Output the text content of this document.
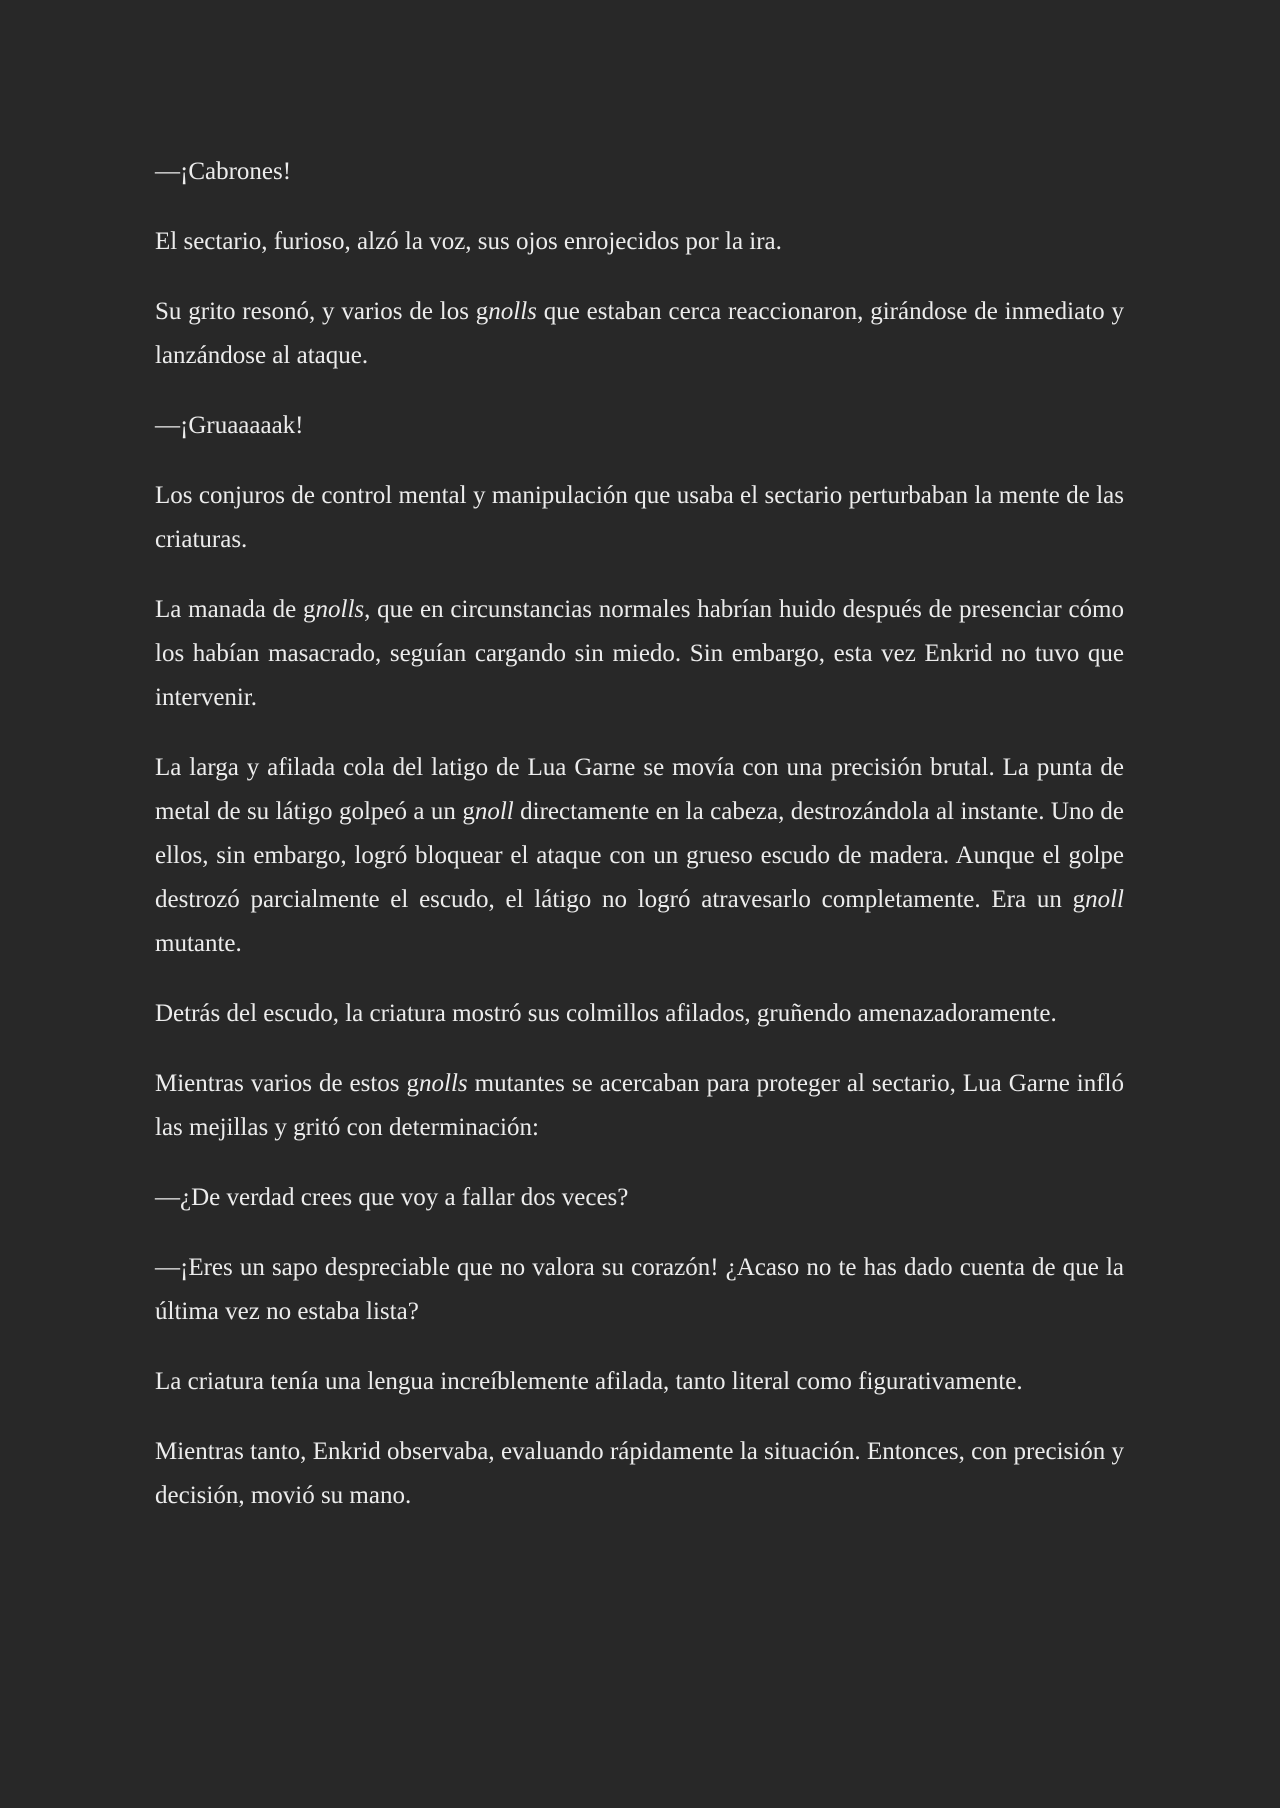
—¡Cabrones!

El sectario, furioso, alzó la voz, sus ojos enrojecidos por la ira.

Su grito resonó, y varios de los gnolls que estaban cerca reaccionaron, girándose de inmediato y lanzándose al ataque.

—¡Gruaaaaak!

Los conjuros de control mental y manipulación que usaba el sectario perturbaban la mente de las criaturas.

La manada de gnolls, que en circunstancias normales habrían huido después de presenciar cómo los habían masacrado, seguían cargando sin miedo. Sin embargo, esta vez Enkrid no tuvo que intervenir.

La larga y afilada cola del latigo de Lua Garne se movía con una precisión brutal. La punta de metal de su látigo golpeó a un gnoll directamente en la cabeza, destrozándola al instante. Uno de ellos, sin embargo, logró bloquear el ataque con un grueso escudo de madera. Aunque el golpe destrozó parcialmente el escudo, el látigo no logró atravesarlo completamente. Era un gnoll mutante.

Detrás del escudo, la criatura mostró sus colmillos afilados, gruñendo amenazadoramente.

Mientras varios de estos gnolls mutantes se acercaban para proteger al sectario, Lua Garne infló las mejillas y gritó con determinación:

—¿De verdad crees que voy a fallar dos veces?

—¡Eres un sapo despreciable que no valora su corazón! ¿Acaso no te has dado cuenta de que la última vez no estaba lista?

La criatura tenía una lengua increíblemente afilada, tanto literal como figurativamente.

Mientras tanto, Enkrid observaba, evaluando rápidamente la situación. Entonces, con precisión y decisión, movió su mano.
